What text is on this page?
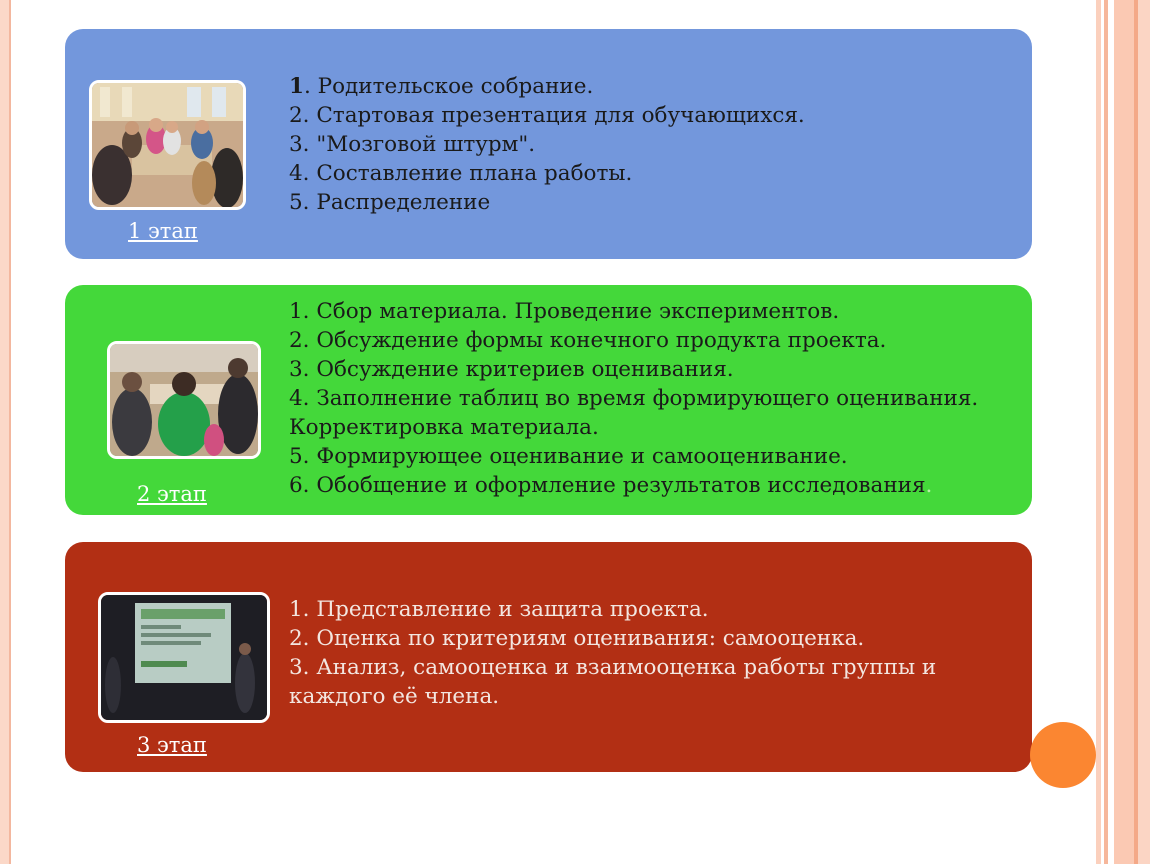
1 этап
1. Родительское собрание.
2. Стартовая презентация для обучающихся.
3. "Мозговой штурм".
4. Составление плана работы.
5. Распределение
2 этап
1. Сбор материала. Проведение экспериментов.
2. Обсуждение формы конечного продукта проекта.
3. Обсуждение критериев оценивания.
4. Заполнение таблиц во время формирующего оценивания. Корректировка материала.
5. Формирующее оценивание и самооценивание.
6. Обобщение и оформление результатов исследования.
3 этап
1. Представление и защита проекта.
2. Оценка по критериям оценивания: самооценка.
3. Анализ, самооценка и взаимооценка работы группы и каждого её члена.
